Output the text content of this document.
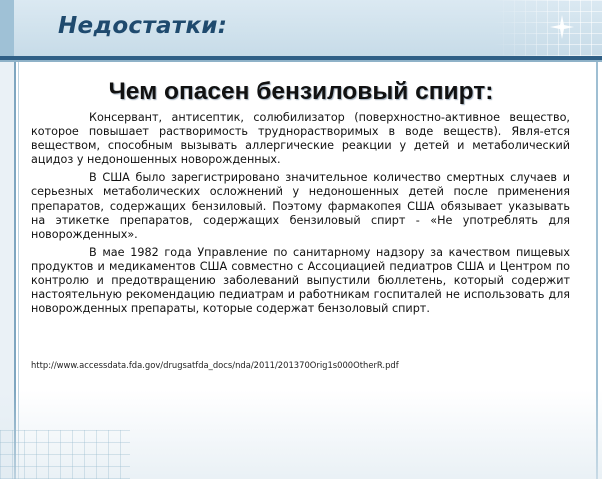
Недостатки:
Чем опасен бензиловый спирт:

Консервант, антисептик, солюбилизатор (поверхностно-активное вещество, которое повышает растворимость труднорастворимых в воде веществ). Явля-ется веществом, способным вызывать аллергические реакции у детей и метаболический ацидоз у недоношенных новорожденных.

В США было зарегистрировано значительное количество смертных случаев и серьезных метаболических осложнений у недоношенных детей после применения препаратов, содержащих бензиловый. Поэтому фармакопея США обязывает указывать на этикетке препаратов, содержащих бензиловый спирт - «Не употреблять для новорожденных».

В мае 1982 года Управление по санитарному надзору за качеством пищевых продуктов и медикаментов США совместно с Ассоциацией педиатров США и Центром по контролю и предотвращению заболеваний выпустили бюллетень, который содержит настоятельную рекомендацию педиатрам и работникам госпиталей не использовать для новорожденных препараты, которые содержат бензоловый спирт.

http://www.accessdata.fda.gov/drugsatfda_docs/nda/2011/201370Orig1s000OtherR.pdf
